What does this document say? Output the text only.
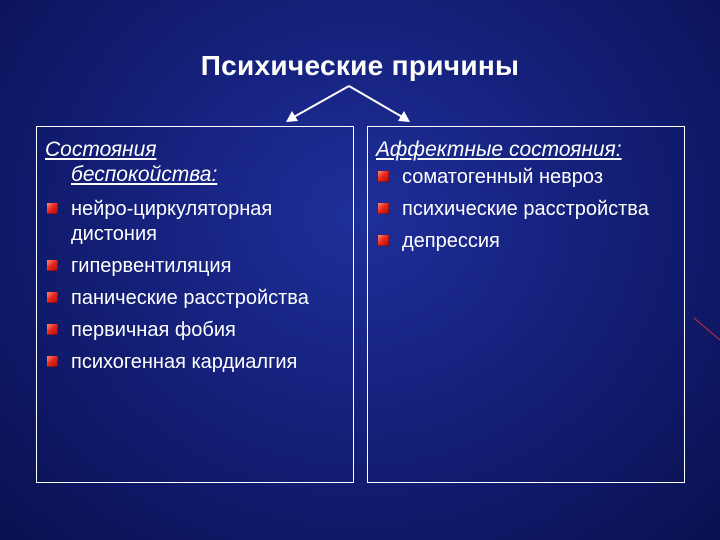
Психические причины
Состояния
беспокойства:
нейро-циркуляторная дистония
гипервентиляция
панические расстройства
первичная фобия
психогенная кардиалгия
Аффектные состояния:
соматогенный невроз
психические расстройства
депрессия
